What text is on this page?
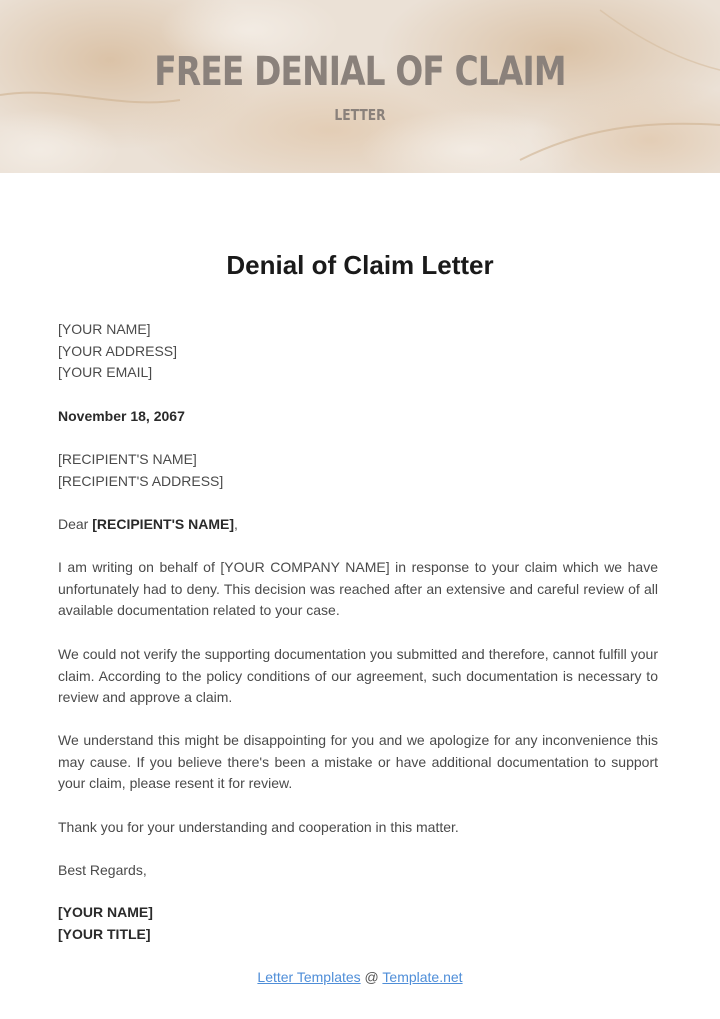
FREE DENIAL OF CLAIM
LETTER
Denial of Claim Letter
[YOUR NAME]
[YOUR ADDRESS]
[YOUR EMAIL]
November 18, 2067
[RECIPIENT'S NAME]
[RECIPIENT'S ADDRESS]
Dear [RECIPIENT'S NAME],
I am writing on behalf of [YOUR COMPANY NAME] in response to your claim which we have unfortunately had to deny. This decision was reached after an extensive and careful review of all available documentation related to your case.
We could not verify the supporting documentation you submitted and therefore, cannot fulfill your claim. According to the policy conditions of our agreement, such documentation is necessary to review and approve a claim.
We understand this might be disappointing for you and we apologize for any inconvenience this may cause. If you believe there's been a mistake or have additional documentation to support your claim, please resent it for review.
Thank you for your understanding and cooperation in this matter.
Best Regards,
[YOUR NAME]
[YOUR TITLE]
Letter Templates @ Template.net
